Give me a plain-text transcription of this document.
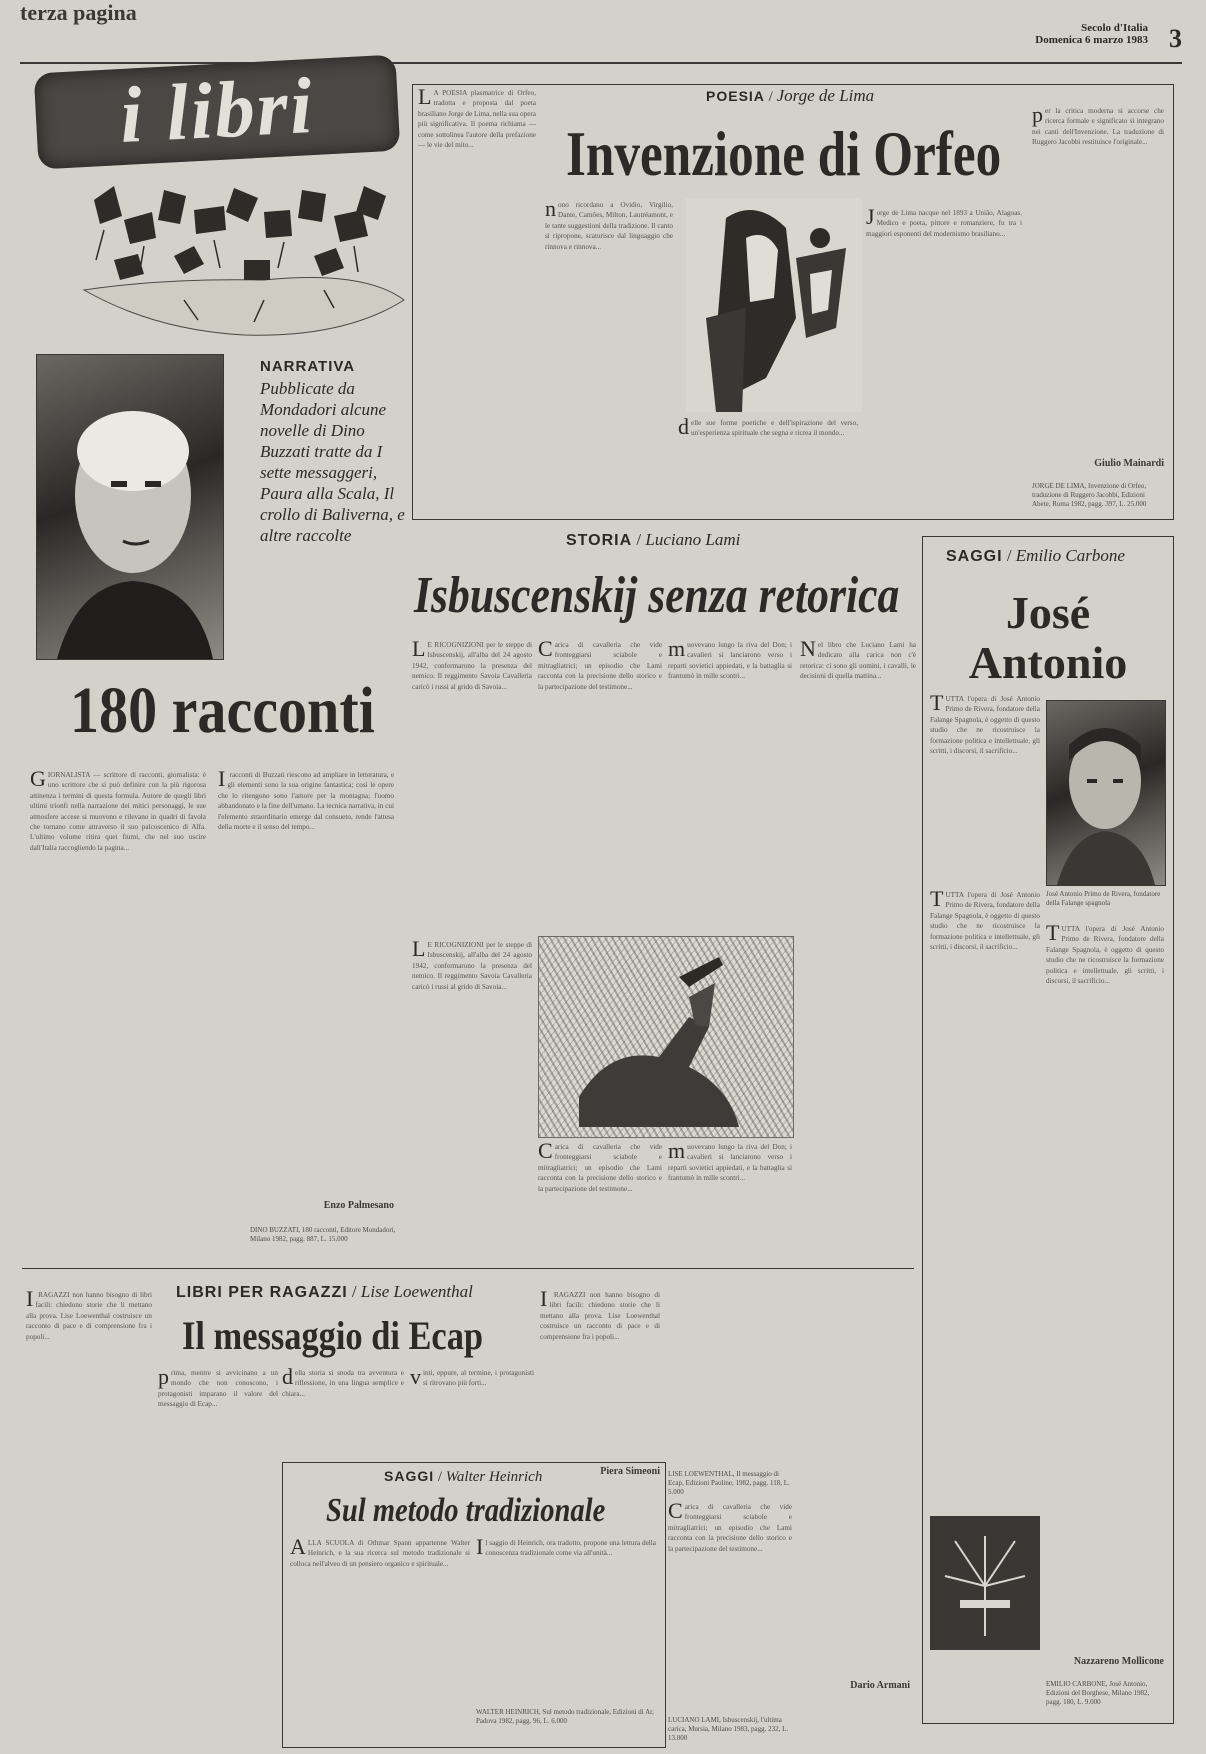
terza pagina
Secolo d'Italia
Domenica 6 marzo 1983 3
i libri	POESIA / Jorge de Lima
Invenzione di Orfeo
LA POESIA plasmatrice di Orfeo, tradotta e proposta dal poeta brasiliano Jorge de Lima, nella sua opera più significativa. Il poema richiama — come sottolinea l'autore della prefazione — le vie del mito...
nono ricordano a Ovidio, Virgilio, Dante, Camões, Milton, Lautréamont, e le tante suggestioni della tradizione. Il canto si ripropone, scaturisce dal linguaggio che rinnova e rinnova...
delle sue forme poetiche e dell'ispirazione del verso, un'esperienza spirituale che segna e ricrea il mondo...
Jorge de Lima nacque nel 1893 a União, Alagoas. Medico e poeta, pittore e romanziere, fu tra i maggiori esponenti del modernismo brasiliano...
per la critica moderna si accorse che ricerca formale e significato si integrano nei canti dell'Invenzione. La traduzione di Ruggero Jacobbi restituisce l'originale...
Giulio Mainardi
JORGE DE LIMA, Invenzione di Orfeo, traduzione di Ruggero Jacobbi, Edizioni Abete, Roma 1982, pagg. 397, L. 25.000
NARRATIVA
Pubblicate da Mondadori alcune novelle di Dino Buzzati tratte da I sette messaggeri, Paura alla Scala, Il crollo di Baliverna, e altre raccolte
180 racconti
GIORNALISTA — scrittore di racconti, giornalista: è uno scrittore che si può definire con la più rigorosa attinenza i termini di questa formula. Autore de quegli libri ultimi trionfi nella narrazione dei mitici personaggi, le sue atmosfere accese si muovono e rilevano in quadri di favola che tornano come attraverso il suo palcoscenico di Alfa. L'ultimo volume ritira quei fiumi, che nel suo uscire dall'Italia raccogliendo la pagina...
I racconti di Buzzati riescono ad ampliare in letteratura, e gli elementi sono la sua origine fantastica; così le opere che lo ritengono sono l'amore per la montagna; l'uomo abbandonato e la fine dell'umano. La tecnica narrativa, in cui l'elemento straordinario emerge dal consueto, rende l'attesa della morte e il senso del tempo...
Enzo Palmesano
DINO BUZZATI, 180 racconti, Editore Mondadori, Milano 1982, pagg. 887, L. 15.000
STORIA / Luciano Lami
Isbuscenskij senza retorica
LE RICOGNIZIONI per le steppe di Isbuscenskij, all'alba del 24 agosto 1942, confermarono la presenza del nemico. Il reggimento Savoia Cavalleria caricò i russi al grido di Savoia...
Carica di cavalleria che vide fronteggiarsi sciabole e mitragliatrici; un episodio che Lami racconta con la precisione dello storico e la partecipazione del testimone...
muovevano lungo la riva del Don; i cavalieri si lanciarono verso i reparti sovietici appiedati, e la battaglia si frantumò in mille scontri...
Nel libro che Luciano Lami ha dedicato alla carica non c'è retorica: ci sono gli uomini, i cavalli, le decisioni di quella mattina...
LE RICOGNIZIONI per le steppe di Isbuscenskij, all'alba del 24 agosto 1942, confermarono la presenza del nemico. Il reggimento Savoia Cavalleria caricò i russi al grido di Savoia...
Carica di cavalleria che vide fronteggiarsi sciabole e mitragliatrici; un episodio che Lami racconta con la precisione dello storico e la partecipazione del testimone...
muovevano lungo la riva del Don; i cavalieri si lanciarono verso i reparti sovietici appiedati, e la battaglia si frantumò in mille scontri...
SAGGI / Emilio Carbone
José
Antonio
TUTTA l'opera di José Antonio Primo de Rivera, fondatore della Falange Spagnola, è oggetto di questo studio che ne ricostruisce la formazione politica e intellettuale, gli scritti, i discorsi, il sacrificio...
José Antonio Primo de Rivera, fondatore della Falange spagnola
TUTTA l'opera di José Antonio Primo de Rivera, fondatore della Falange Spagnola, è oggetto di questo studio che ne ricostruisce la formazione politica e intellettuale, gli scritti, i discorsi, il sacrificio...
TUTTA l'opera di José Antonio Primo de Rivera, fondatore della Falange Spagnola, è oggetto di questo studio che ne ricostruisce la formazione politica e intellettuale, gli scritti, i discorsi, il sacrificio...
Nazzareno Mollicone
EMILIO CARBONE, José Antonio, Edizioni del Borghese, Milano 1982, pagg. 180, L. 9.000
I RAGAZZI non hanno bisogno di libri facili: chiedono storie che li mettano alla prova. Lise Loewenthal costruisce un racconto di pace e di comprensione fra i popoli...
LIBRI PER RAGAZZI / Lise Loewenthal
Il messaggio di Ecap
prima, mentre si avvicinano a un mondo che non conoscono, i protagonisti imparano il valore del messaggio di Ecap...
della storia si snoda tra avventura e riflessione, in una lingua semplice e chiara...
vinti, eppure, al termine, i protagonisti si ritrovano più forti...
I RAGAZZI non hanno bisogno di libri facili: chiedono storie che li mettano alla prova. Lise Loewenthal costruisce un racconto di pace e di comprensione fra i popoli...
Piera Simeoni LISE LOEWENTHAL, Il messaggio di Ecap, Edizioni Paoline, 1982, pagg. 118, L. 5.000
SAGGI / Walter Heinrich
Sul metodo tradizionale
ALLA SCUOLA di Othmar Spann appartenne Walter Heinrich, e la sua ricerca sul metodo tradizionale si colloca nell'alveo di un pensiero organico e spirituale...
Il saggio di Heinrich, ora tradotto, propone una lettura della conoscenza tradizionale come via all'unità...
WALTER HEINRICH, Sul metodo tradizionale, Edizioni di Ar, Padova 1982, pagg. 96, L. 6.000
Carica di cavalleria che vide fronteggiarsi sciabole e mitragliatrici; un episodio che Lami racconta con la precisione dello storico e la partecipazione del testimone...
Dario Armani
LUCIANO LAMI, Isbuscenskij, l'ultima carica, Mursia, Milano 1983, pagg. 232, L. 13.000
